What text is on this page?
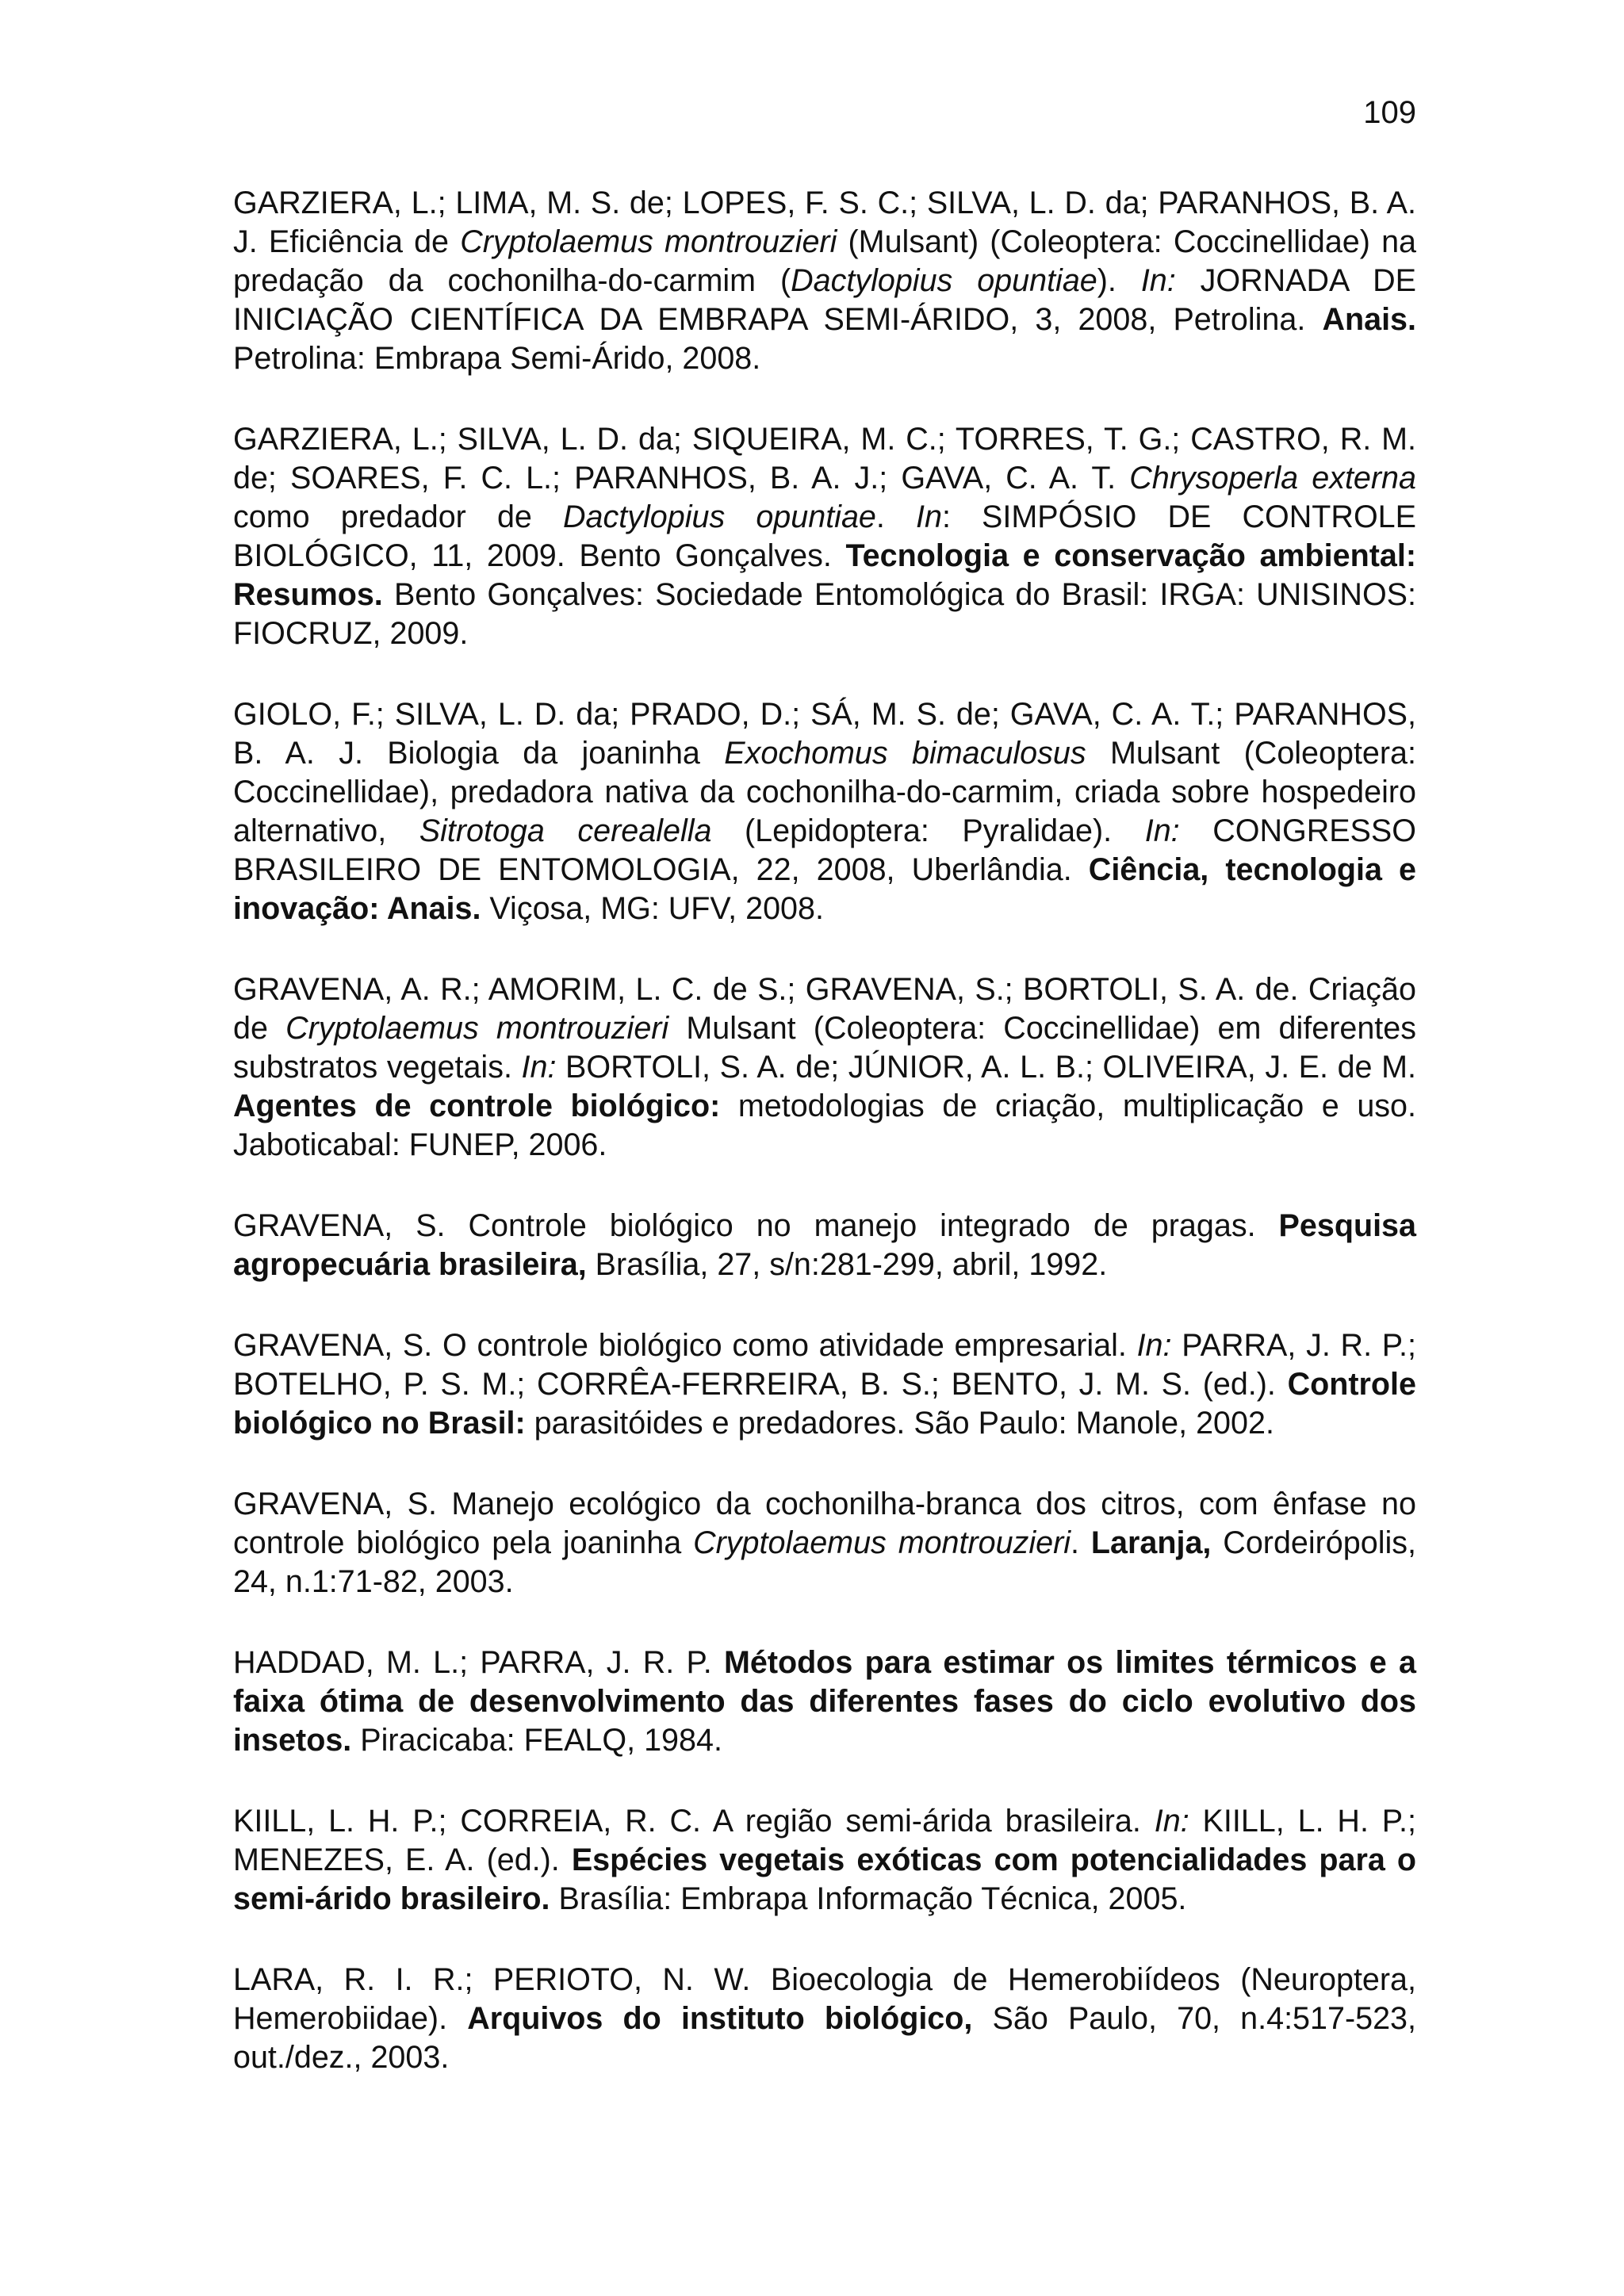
109

GARZIERA, L.; LIMA, M. S. de; LOPES, F. S. C.; SILVA, L. D. da; PARANHOS, B. A. J. Eficiência de Cryptolaemus montrouzieri (Mulsant) (Coleoptera: Coccinellidae) na predação da cochonilha-do-carmim (Dactylopius opuntiae). In: JORNADA DE INICIAÇÃO CIENTÍFICA DA EMBRAPA SEMI-ÁRIDO, 3, 2008, Petrolina. Anais. Petrolina: Embrapa Semi-Árido, 2008.

GARZIERA, L.; SILVA, L. D. da; SIQUEIRA, M. C.; TORRES, T. G.; CASTRO, R. M. de; SOARES, F. C. L.; PARANHOS, B. A. J.; GAVA, C. A. T. Chrysoperla externa como predador de Dactylopius opuntiae. In: SIMPÓSIO DE CONTROLE BIOLÓGICO, 11, 2009. Bento Gonçalves. Tecnologia e conservação ambiental: Resumos. Bento Gonçalves: Sociedade Entomológica do Brasil: IRGA: UNISINOS: FIOCRUZ, 2009.

GIOLO, F.; SILVA, L. D. da; PRADO, D.; SÁ, M. S. de; GAVA, C. A. T.; PARANHOS, B. A. J. Biologia da joaninha Exochomus bimaculosus Mulsant (Coleoptera: Coccinellidae), predadora nativa da cochonilha-do-carmim, criada sobre hospedeiro alternativo, Sitrotoga cerealella (Lepidoptera: Pyralidae). In: CONGRESSO BRASILEIRO DE ENTOMOLOGIA, 22, 2008, Uberlândia. Ciência, tecnologia e inovação: Anais. Viçosa, MG: UFV, 2008.

GRAVENA, A. R.; AMORIM, L. C. de S.; GRAVENA, S.; BORTOLI, S. A. de. Criação de Cryptolaemus montrouzieri Mulsant (Coleoptera: Coccinellidae) em diferentes substratos vegetais. In: BORTOLI, S. A. de; JÚNIOR, A. L. B.; OLIVEIRA, J. E. de M. Agentes de controle biológico: metodologias de criação, multiplicação e uso. Jaboticabal: FUNEP, 2006.

GRAVENA, S. Controle biológico no manejo integrado de pragas. Pesquisa agropecuária brasileira, Brasília, 27, s/n:281-299, abril, 1992.

GRAVENA, S. O controle biológico como atividade empresarial. In: PARRA, J. R. P.; BOTELHO, P. S. M.; CORRÊA-FERREIRA, B. S.; BENTO, J. M. S. (ed.). Controle biológico no Brasil: parasitóides e predadores. São Paulo: Manole, 2002.

GRAVENA, S. Manejo ecológico da cochonilha-branca dos citros, com ênfase no controle biológico pela joaninha Cryptolaemus montrouzieri. Laranja, Cordeirópolis, 24, n.1:71-82, 2003.

HADDAD, M. L.; PARRA, J. R. P. Métodos para estimar os limites térmicos e a faixa ótima de desenvolvimento das diferentes fases do ciclo evolutivo dos insetos. Piracicaba: FEALQ, 1984.

KIILL, L. H. P.; CORREIA, R. C. A região semi-árida brasileira. In: KIILL, L. H. P.; MENEZES, E. A. (ed.). Espécies vegetais exóticas com potencialidades para o semi-árido brasileiro. Brasília: Embrapa Informação Técnica, 2005.

LARA, R. I. R.; PERIOTO, N. W. Bioecologia de Hemerobiídeos (Neuroptera, Hemerobiidae). Arquivos do instituto biológico, São Paulo, 70, n.4:517-523, out./dez., 2003.
